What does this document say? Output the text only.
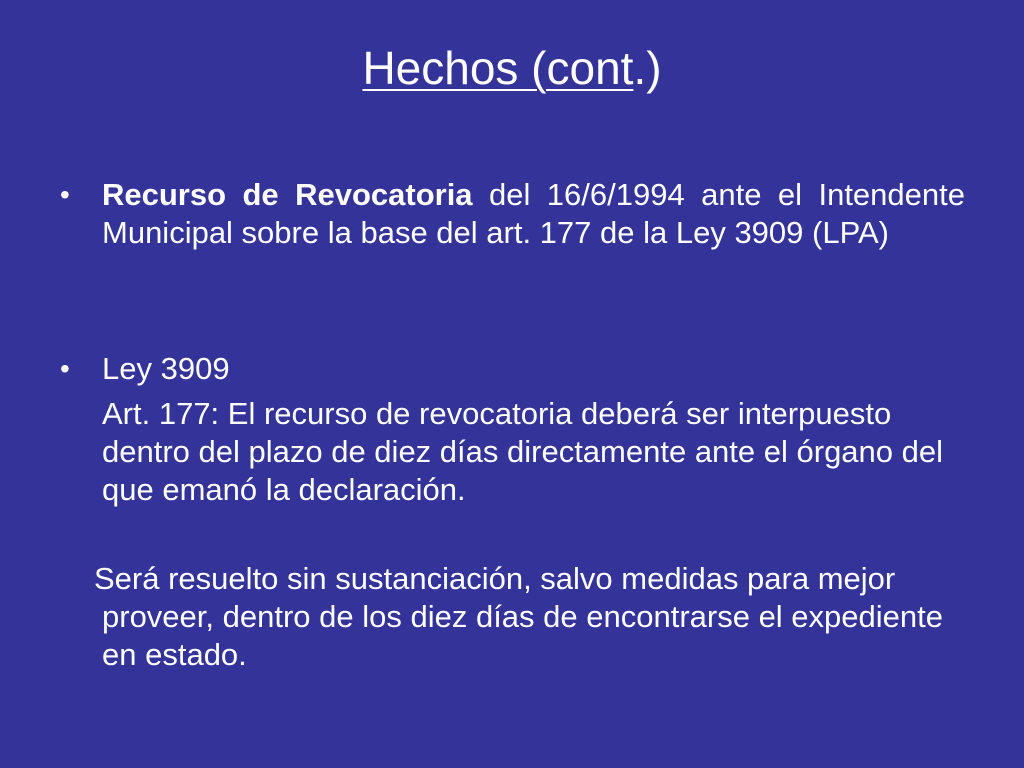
Hechos (cont.)
•	Recurso de Revocatoria del 16/6/1994 ante el Intendente Municipal sobre la base del art. 177 de la Ley 3909 (LPA)
•	Ley 3909
Art. 177: El recurso de revocatoria deberá ser interpuesto dentro del plazo de diez días directamente ante el órgano del que emanó la declaración.
Será resuelto sin sustanciación, salvo medidas para mejor proveer, dentro de los diez días de encontrarse el expediente en estado.
